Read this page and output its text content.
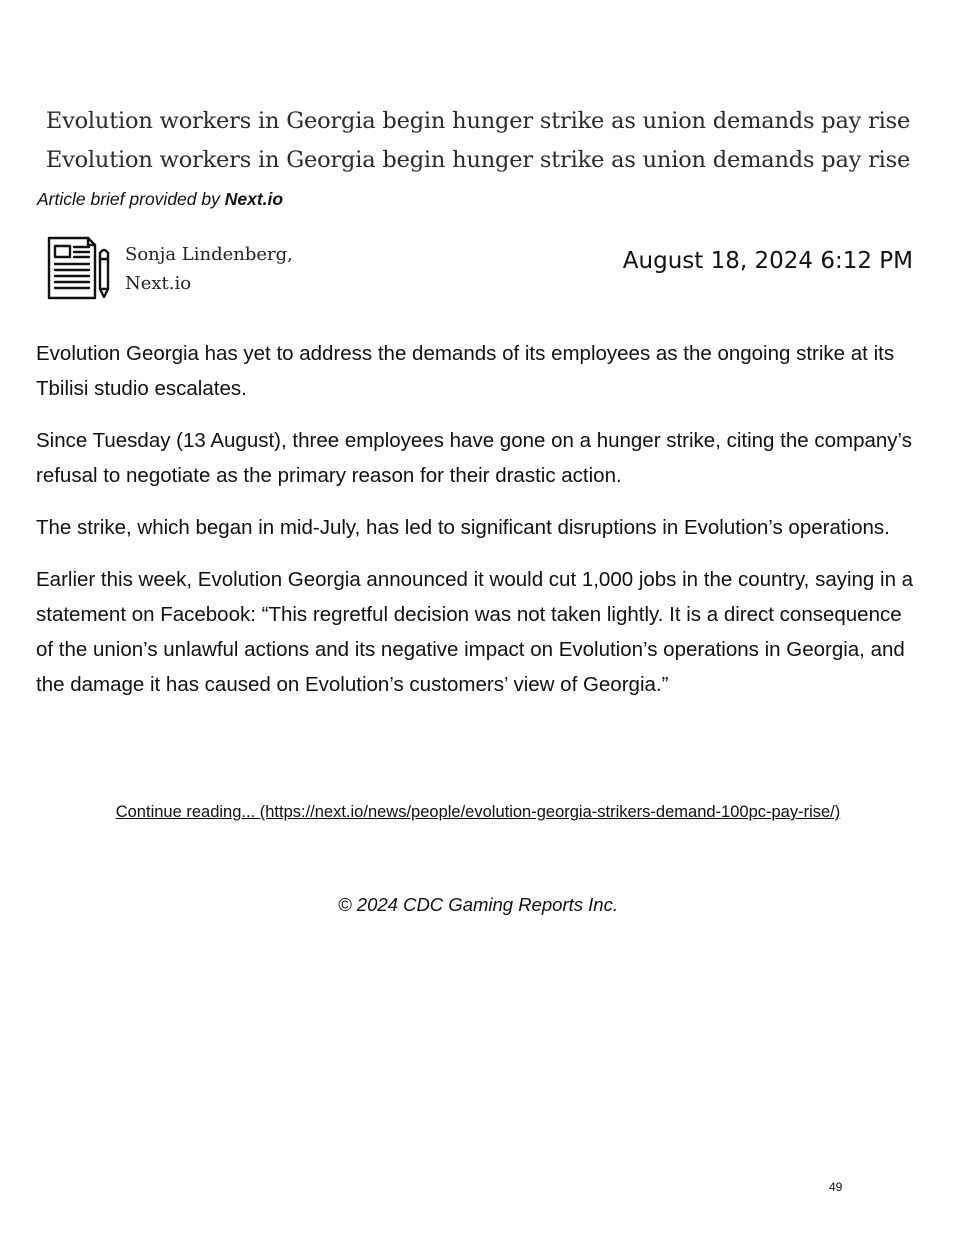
Evolution workers in Georgia begin hunger strike as union demands pay rise
Evolution workers in Georgia begin hunger strike as union demands pay rise
Article brief provided by Next.io
Sonja Lindenberg,
Next.io
August 18, 2024 6:12 PM

Evolution Georgia has yet to address the demands of its employees as the ongoing strike at its Tbilisi studio escalates.

Since Tuesday (13 August), three employees have gone on a hunger strike, citing the company’s refusal to negotiate as the primary reason for their drastic action.

The strike, which began in mid-July, has led to significant disruptions in Evolution’s operations.

Earlier this week, Evolution Georgia announced it would cut 1,000 jobs in the country, saying in a statement on Facebook: “This regretful decision was not taken lightly. It is a direct consequence of the union’s unlawful actions and its negative impact on Evolution’s operations in Georgia, and the damage it has caused on Evolution’s customers’ view of Georgia.”

Continue reading... (https://next.io/news/people/evolution-georgia-strikers-demand-100pc-pay-rise/)
© 2024 CDC Gaming Reports Inc.
49
